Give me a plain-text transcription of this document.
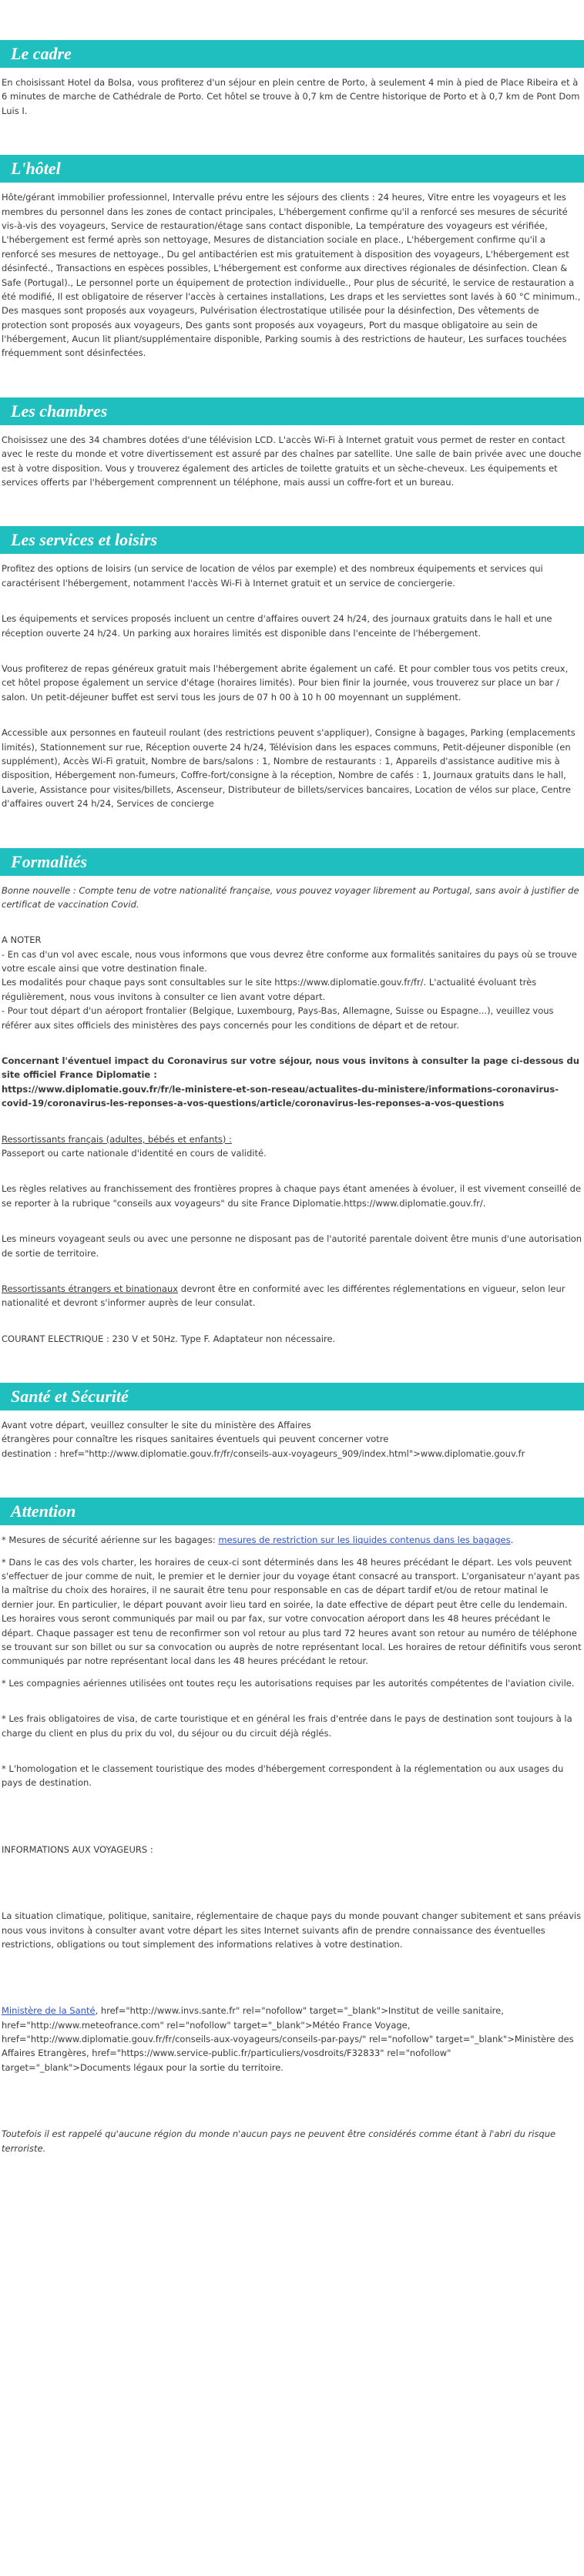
Le cadre

En choisissant Hotel da Bolsa, vous profiterez d'un séjour en plein centre de Porto, à seulement 4 min à pied de Place Ribeira et à 6 minutes de marche de Cathédrale de Porto. Cet hôtel se trouve à 0,7 km de Centre historique de Porto et à 0,7 km de Pont Dom Luis I.

L'hôtel

Hôte/gérant immobilier professionnel, Intervalle prévu entre les séjours des clients : 24 heures, Vitre entre les voyageurs et les membres du personnel dans les zones de contact principales, L'hébergement confirme qu'il a renforcé ses mesures de sécurité vis-à-vis des voyageurs, Service de restauration/étage sans contact disponible, La température des voyageurs est vérifiée, L'hébergement est fermé après son nettoyage, Mesures de distanciation sociale en place., L'hébergement confirme qu'il a renforcé ses mesures de nettoyage., Du gel antibactérien est mis gratuitement à disposition des voyageurs, L'hébergement est désinfecté., Transactions en espèces possibles, L'hébergement est conforme aux directives régionales de désinfection. Clean & Safe (Portugal)., Le personnel porte un équipement de protection individuelle., Pour plus de sécurité, le service de restauration a été modifié, Il est obligatoire de réserver l'accès à certaines installations, Les draps et les serviettes sont lavés à 60 °C minimum., Des masques sont proposés aux voyageurs, Pulvérisation électrostatique utilisée pour la désinfection, Des vêtements de protection sont proposés aux voyageurs, Des gants sont proposés aux voyageurs, Port du masque obligatoire au sein de l'hébergement, Aucun lit pliant/supplémentaire disponible, Parking soumis à des restrictions de hauteur, Les surfaces touchées fréquemment sont désinfectées.

Les chambres

Choisissez une des 34 chambres dotées d'une télévision LCD. L'accès Wi-Fi à Internet gratuit vous permet de rester en contact avec le reste du monde et votre divertissement est assuré par des chaînes par satellite. Une salle de bain privée avec une douche est à votre disposition. Vous y trouverez également des articles de toilette gratuits et un sèche-cheveux. Les équipements et services offerts par l'hébergement comprennent un téléphone, mais aussi un coffre-fort et un bureau.

Les services et loisirs

Profitez des options de loisirs (un service de location de vélos par exemple) et des nombreux équipements et services qui caractérisent l'hébergement, notamment l'accès Wi-Fi à Internet gratuit et un service de conciergerie.

Les équipements et services proposés incluent un centre d'affaires ouvert 24 h/24, des journaux gratuits dans le hall et une réception ouverte 24 h/24. Un parking aux horaires limités est disponible dans l'enceinte de l'hébergement.

Vous profiterez de repas généreux gratuit mais l'hébergement abrite également un café. Et pour combler tous vos petits creux, cet hôtel propose également un service d'étage (horaires limités). Pour bien finir la journée, vous trouverez sur place un bar / salon. Un petit-déjeuner buffet est servi tous les jours de 07 h 00 à 10 h 00 moyennant un supplément.

Accessible aux personnes en fauteuil roulant (des restrictions peuvent s'appliquer), Consigne à bagages, Parking (emplacements limités), Stationnement sur rue, Réception ouverte 24 h/24, Télévision dans les espaces communs, Petit-déjeuner disponible (en supplément), Accès Wi-Fi gratuit, Nombre de bars/salons : 1, Nombre de restaurants : 1, Appareils d'assistance auditive mis à disposition, Hébergement non-fumeurs, Coffre-fort/consigne à la réception, Nombre de cafés : 1, Journaux gratuits dans le hall, Laverie, Assistance pour visites/billets, Ascenseur, Distributeur de billets/services bancaires, Location de vélos sur place, Centre d'affaires ouvert 24 h/24, Services de concierge

Formalités

Bonne nouvelle : Compte tenu de votre nationalité française, vous pouvez voyager librement au Portugal, sans avoir à justifier de certificat de vaccination Covid.

A NOTER
- En cas d'un vol avec escale, nous vous informons que vous devrez être conforme aux formalités sanitaires du pays où se trouve votre escale ainsi que votre destination finale.
Les modalités pour chaque pays sont consultables sur le site https://www.diplomatie.gouv.fr/fr/. L'actualité évoluant très régulièrement, nous vous invitons à consulter ce lien avant votre départ.
- Pour tout départ d'un aéroport frontalier (Belgique, Luxembourg, Pays-Bas, Allemagne, Suisse ou Espagne...), veuillez vous référer aux sites officiels des ministères des pays concernés pour les conditions de départ et de retour.

Concernant l'éventuel impact du Coronavirus sur votre séjour, nous vous invitons à consulter la page ci-dessous du site officiel France Diplomatie :
https://www.diplomatie.gouv.fr/fr/le-ministere-et-son-reseau/actualites-du-ministere/informations-coronavirus-covid-19/coronavirus-les-reponses-a-vos-questions/article/coronavirus-les-reponses-a-vos-questions

Ressortissants français (adultes, bébés et enfants) :
Passeport ou carte nationale d'identité en cours de validité.

Les règles relatives au franchissement des frontières propres à chaque pays étant amenées à évoluer, il est vivement conseillé de se reporter à la rubrique "conseils aux voyageurs" du site France Diplomatie.https://www.diplomatie.gouv.fr/.

Les mineurs voyageant seuls ou avec une personne ne disposant pas de l'autorité parentale doivent être munis d'une autorisation de sortie de territoire.

Ressortissants étrangers et binationaux devront être en conformité avec les différentes réglementations en vigueur, selon leur nationalité et devront s'informer auprès de leur consulat.

COURANT ELECTRIQUE : 230 V et 50Hz. Type F. Adaptateur non nécessaire.

Santé et Sécurité

Avant votre départ, veuillez consulter le site du ministère des Affaires
étrangères pour connaître les risques sanitaires éventuels qui peuvent concerner votre
destination : href="http://www.diplomatie.gouv.fr/fr/conseils-aux-voyageurs_909/index.html">www.diplomatie.gouv.fr

Attention

* Mesures de sécurité aérienne sur les bagages: mesures de restriction sur les liquides contenus dans les bagages.

* Dans le cas des vols charter, les horaires de ceux-ci sont déterminés dans les 48 heures précédant le départ. Les vols peuvent s'effectuer de jour comme de nuit, le premier et le dernier jour du voyage étant consacré au transport. L'organisateur n'ayant pas la maîtrise du choix des horaires, il ne saurait être tenu pour responsable en cas de départ tardif et/ou de retour matinal le dernier jour. En particulier, le départ pouvant avoir lieu tard en soirée, la date effective de départ peut être celle du lendemain. Les horaires vous seront communiqués par mail ou par fax, sur votre convocation aéroport dans les 48 heures précédant le départ. Chaque passager est tenu de reconfirmer son vol retour au plus tard 72 heures avant son retour au numéro de téléphone se trouvant sur son billet ou sur sa convocation ou auprès de notre représentant local. Les horaires de retour définitifs vous seront communiqués par notre représentant local dans les 48 heures précédant le retour.

* Les compagnies aériennes utilisées ont toutes reçu les autorisations requises par les autorités compétentes de l'aviation civile.

* Les frais obligatoires de visa, de carte touristique et en général les frais d'entrée dans le pays de destination sont toujours à la charge du client en plus du prix du vol, du séjour ou du circuit déjà réglés.

* L'homologation et le classement touristique des modes d'hébergement correspondent à la réglementation ou aux usages du pays de destination.

INFORMATIONS AUX VOYAGEURS :

La situation climatique, politique, sanitaire, réglementaire de chaque pays du monde pouvant changer subitement et sans préavis
nous vous invitons à consulter avant votre départ les sites Internet suivants afin de prendre connaissance des éventuelles restrictions, obligations ou tout simplement des informations relatives à votre destination.

Ministère de la Santé, href="http://www.invs.sante.fr" rel="nofollow" target="_blank">Institut de veille sanitaire, href="http://www.meteofrance.com" rel="nofollow" target="_blank">Météo France Voyage, href="http://www.diplomatie.gouv.fr/fr/conseils-aux-voyageurs/conseils-par-pays/" rel="nofollow" target="_blank">Ministère des Affaires Etrangères, href="https://www.service-public.fr/particuliers/vosdroits/F32833" rel="nofollow" target="_blank">Documents légaux pour la sortie du territoire.

Toutefois il est rappelé qu'aucune région du monde n'aucun pays ne peuvent être considérés comme étant à l'abri du risque terroriste.
